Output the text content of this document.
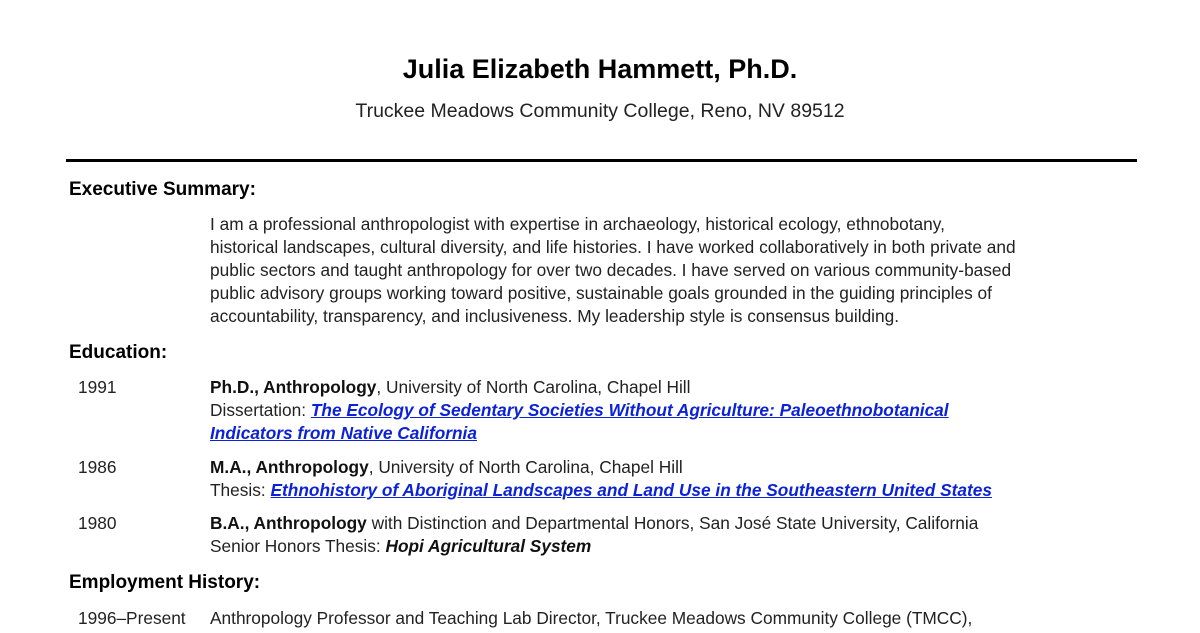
Julia Elizabeth Hammett, Ph.D.
Truckee Meadows Community College, Reno, NV 89512
Executive Summary:
I am a professional anthropologist with expertise in archaeology, historical ecology, ethnobotany,
historical landscapes, cultural diversity, and life histories. I have worked collaboratively in both private and
public sectors and taught anthropology for over two decades. I have served on various community-based
public advisory groups working toward positive, sustainable goals grounded in the guiding principles of
accountability, transparency, and inclusiveness. My leadership style is consensus building.
Education:
1991	Ph.D., Anthropology, University of North Carolina, Chapel Hill
Dissertation: The Ecology of Sedentary Societies Without Agriculture: Paleoethnobotanical
Indicators from Native California
1986	M.A., Anthropology, University of North Carolina, Chapel Hill
Thesis: Ethnohistory of Aboriginal Landscapes and Land Use in the Southeastern United States
1980	B.A., Anthropology with Distinction and Departmental Honors, San José State University, California
Senior Honors Thesis: Hopi Agricultural System
Employment History:
1996–Present Anthropology Professor and Teaching Lab Director, Truckee Meadows Community College (TMCC),
